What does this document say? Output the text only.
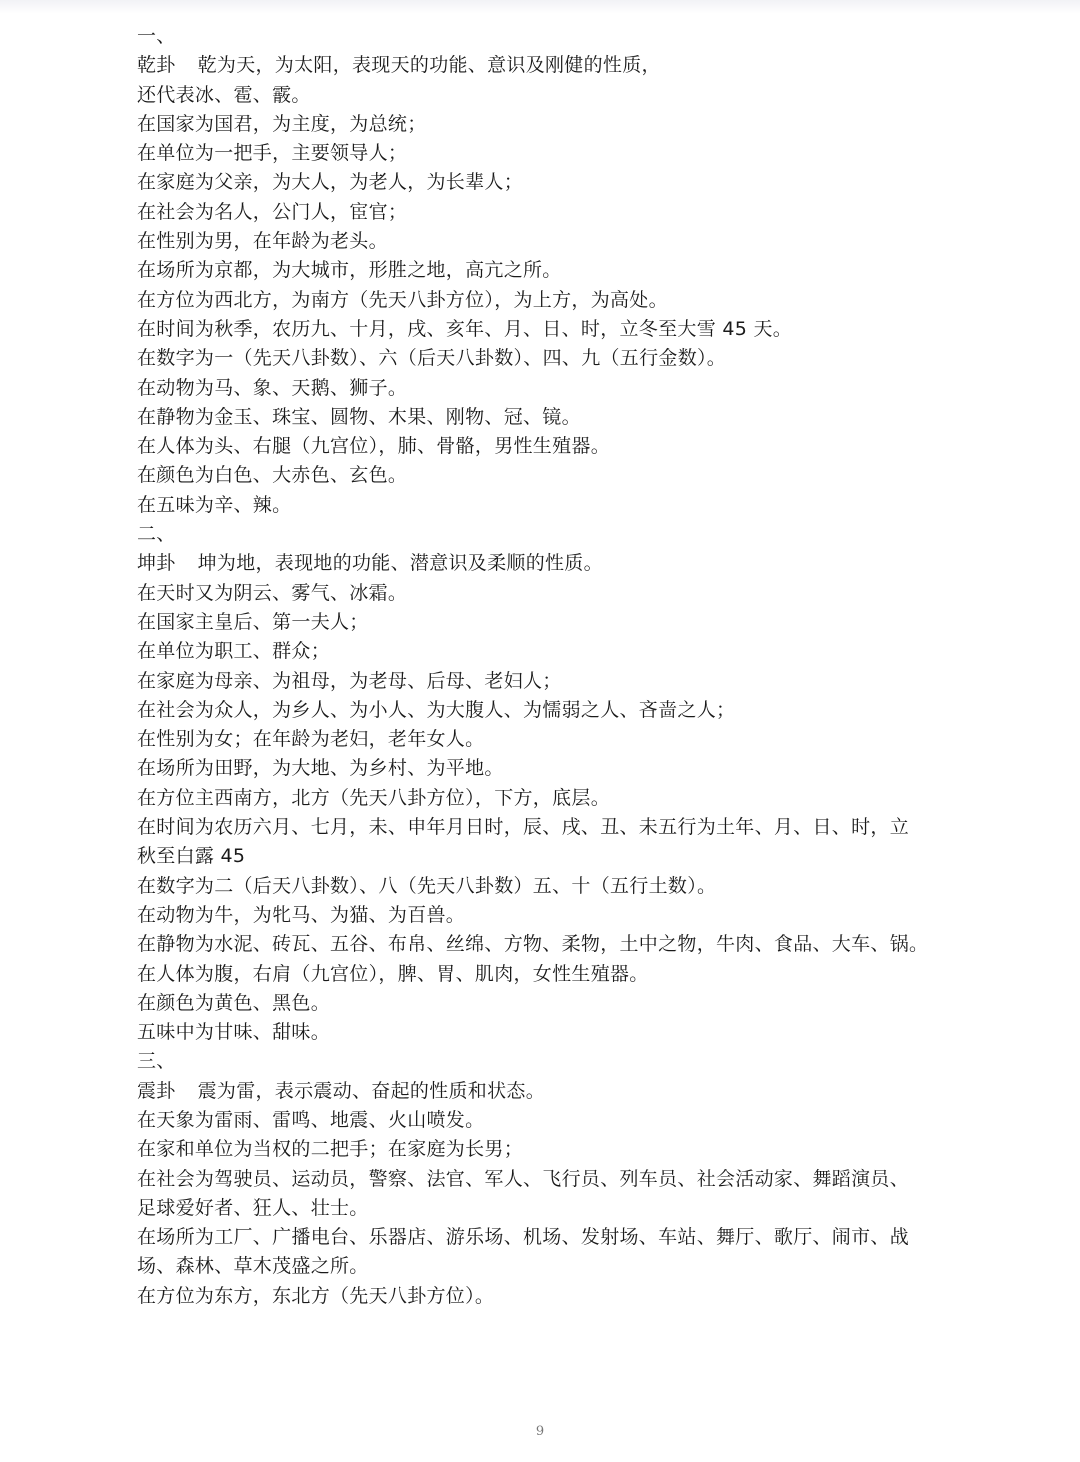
一、
乾卦 乾为天，为太阳，表现天的功能、意识及刚健的性质，
还代表冰、雹、霰。
在国家为国君，为主度，为总统；
在单位为一把手，主要领导人；
在家庭为父亲，为大人，为老人，为长辈人；
在社会为名人，公门人，宦官；
在性别为男，在年龄为老头。
在场所为京都，为大城市，形胜之地，高亢之所。
在方位为西北方，为南方（先天八卦方位），为上方，为高处。
在时间为秋季，农历九、十月，戌、亥年、月、日、时，立冬至大雪 45 天。
在数字为一（先天八卦数）、六（后天八卦数）、四、九（五行金数）。
在动物为马、象、天鹅、狮子。
在静物为金玉、珠宝、圆物、木果、刚物、冠、镜。
在人体为头、右腿（九宫位），肺、骨骼，男性生殖器。
在颜色为白色、大赤色、玄色。
在五味为辛、辣。
二、
坤卦 坤为地，表现地的功能、潜意识及柔顺的性质。
在天时又为阴云、雾气、冰霜。
在国家主皇后、第一夫人；
在单位为职工、群众；
在家庭为母亲、为祖母，为老母、后母、老妇人；
在社会为众人，为乡人、为小人、为大腹人、为懦弱之人、吝啬之人；
在性别为女；在年龄为老妇，老年女人。
在场所为田野，为大地、为乡村、为平地。
在方位主西南方，北方（先天八卦方位），下方，底层。
在时间为农历六月、七月，未、申年月日时，辰、戌、丑、未五行为土年、月、日、时，立
秋至白露 45
在数字为二（后天八卦数）、八（先天八卦数）五、十（五行土数）。
在动物为牛，为牝马、为猫、为百兽。
在静物为水泥、砖瓦、五谷、布帛、丝绵、方物、柔物，土中之物，牛肉、食品、大车、锅。
在人体为腹，右肩（九宫位），脾、胃、肌肉，女性生殖器。
在颜色为黄色、黑色。
五味中为甘味、甜味。
三、
震卦 震为雷，表示震动、奋起的性质和状态。
在天象为雷雨、雷鸣、地震、火山喷发。
在家和单位为当权的二把手；在家庭为长男；
在社会为驾驶员、运动员，警察、法官、军人、飞行员、列车员、社会活动家、舞蹈演员、
足球爱好者、狂人、壮士。
在场所为工厂、广播电台、乐器店、游乐场、机场、发射场、车站、舞厅、歌厅、闹市、战
场、森林、草木茂盛之所。
在方位为东方，东北方（先天八卦方位）。
9
